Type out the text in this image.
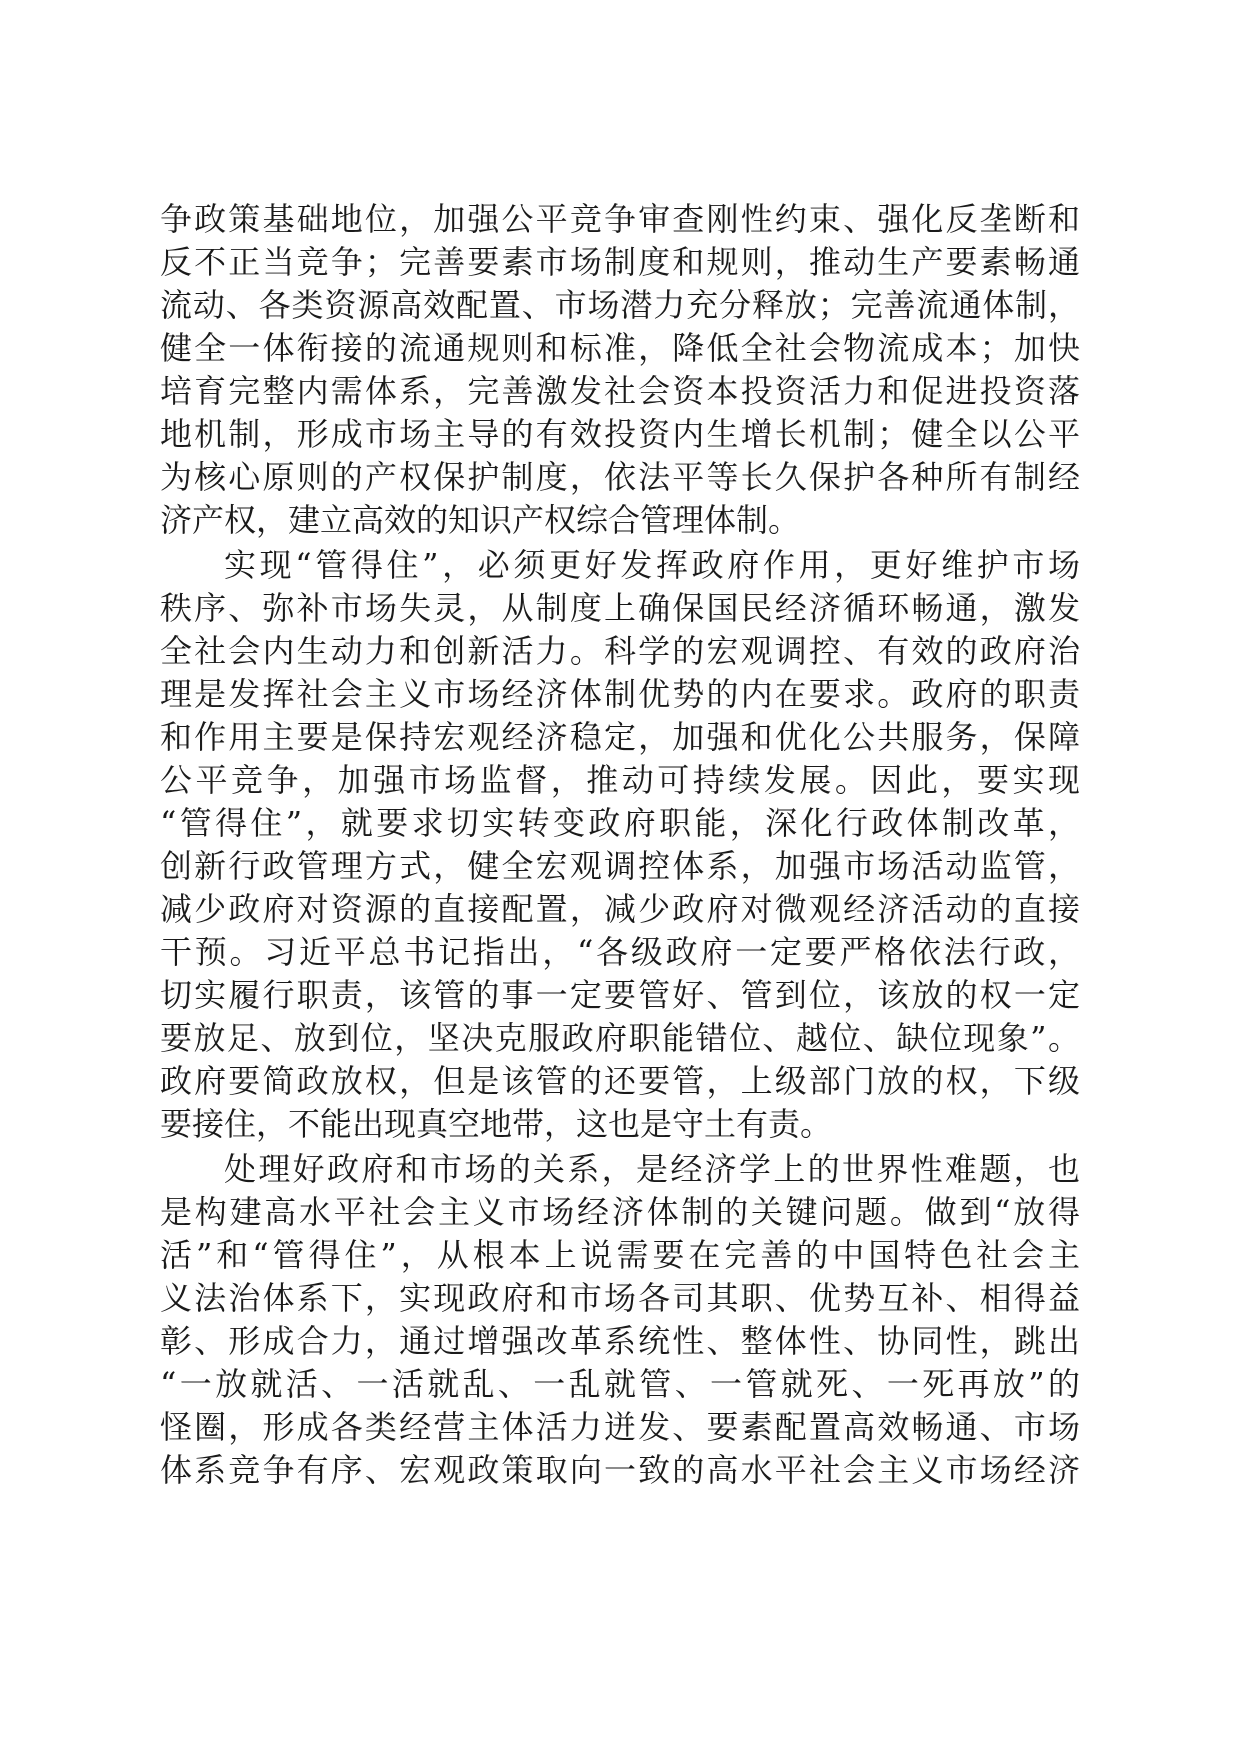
争政策基础地位，加强公平竞争审查刚性约束、强化反垄断和
反不正当竞争；完善要素市场制度和规则，推动生产要素畅通
流动、各类资源高效配置、市场潜力充分释放；完善流通体制，
健全一体衔接的流通规则和标准，降低全社会物流成本；加快
培育完整内需体系，完善激发社会资本投资活力和促进投资落
地机制，形成市场主导的有效投资内生增长机制；健全以公平
为核心原则的产权保护制度，依法平等长久保护各种所有制经
济产权，建立高效的知识产权综合管理体制。
实现“管得住”，必须更好发挥政府作用，更好维护市场
秩序、弥补市场失灵，从制度上确保国民经济循环畅通，激发
全社会内生动力和创新活力。科学的宏观调控、有效的政府治
理是发挥社会主义市场经济体制优势的内在要求。政府的职责
和作用主要是保持宏观经济稳定，加强和优化公共服务，保障
公平竞争，加强市场监督，推动可持续发展。因此，要实现
“管得住”，就要求切实转变政府职能，深化行政体制改革，
创新行政管理方式，健全宏观调控体系，加强市场活动监管，
减少政府对资源的直接配置，减少政府对微观经济活动的直接
干预。习近平总书记指出，“各级政府一定要严格依法行政，
切实履行职责，该管的事一定要管好、管到位，该放的权一定
要放足、放到位，坚决克服政府职能错位、越位、缺位现象”。
政府要简政放权，但是该管的还要管，上级部门放的权，下级
要接住，不能出现真空地带，这也是守土有责。
处理好政府和市场的关系，是经济学上的世界性难题，也
是构建高水平社会主义市场经济体制的关键问题。做到“放得
活”和“管得住”，从根本上说需要在完善的中国特色社会主
义法治体系下，实现政府和市场各司其职、优势互补、相得益
彰、形成合力，通过增强改革系统性、整体性、协同性，跳出
“一放就活、一活就乱、一乱就管、一管就死、一死再放”的
怪圈，形成各类经营主体活力迸发、要素配置高效畅通、市场
体系竞争有序、宏观政策取向一致的高水平社会主义市场经济
